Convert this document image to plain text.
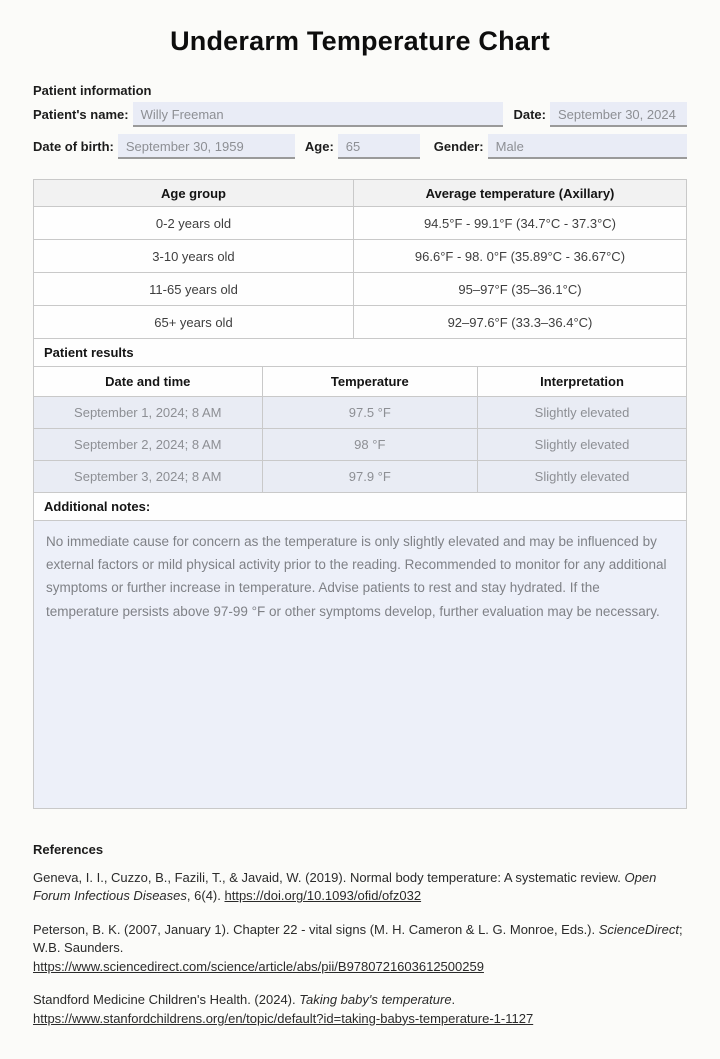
Underarm Temperature Chart
Patient information
Patient's name: Willy Freeman	Date: September 30, 2024
Date of birth: September 30, 1959	Age: 65	Gender: Male
Age group	Average temperature (Axillary)
0-2 years old	94.5°F - 99.1°F (34.7°C - 37.3°C)
3-10 years old	96.6°F - 98. 0°F (35.89°C - 36.67°C)
11-65 years old	95–97°F (35–36.1°C)
65+ years old	92–97.6°F (33.3–36.4°C)
Patient results
Date and time	Temperature	Interpretation
September 1, 2024; 8 AM	97.5 °F	Slightly elevated
September 2, 2024; 8 AM	98 °F	Slightly elevated
September 3, 2024; 8 AM	97.9 °F	Slightly elevated
Additional notes:

No immediate cause for concern as the temperature is only slightly elevated and may be influenced by external factors or mild physical activity prior to the reading. Recommended to monitor for any additional symptoms or further increase in temperature. Advise patients to rest and stay hydrated. If the temperature persists above 97-99 °F or other symptoms develop, further evaluation may be necessary.

References

Geneva, I. I., Cuzzo, B., Fazili, T., & Javaid, W. (2019). Normal body temperature: A systematic review. Open Forum Infectious Diseases, 6(4). https://doi.org/10.1093/ofid/ofz032

Peterson, B. K. (2007, January 1). Chapter 22 - vital signs (M. H. Cameron & L. G. Monroe, Eds.). ScienceDirect; W.B. Saunders.
https://www.sciencedirect.com/science/article/abs/pii/B9780721603612500259

Standford Medicine Children's Health. (2024). Taking baby's temperature.
https://www.stanfordchildrens.org/en/topic/default?id=taking-babys-temperature-1-1127
